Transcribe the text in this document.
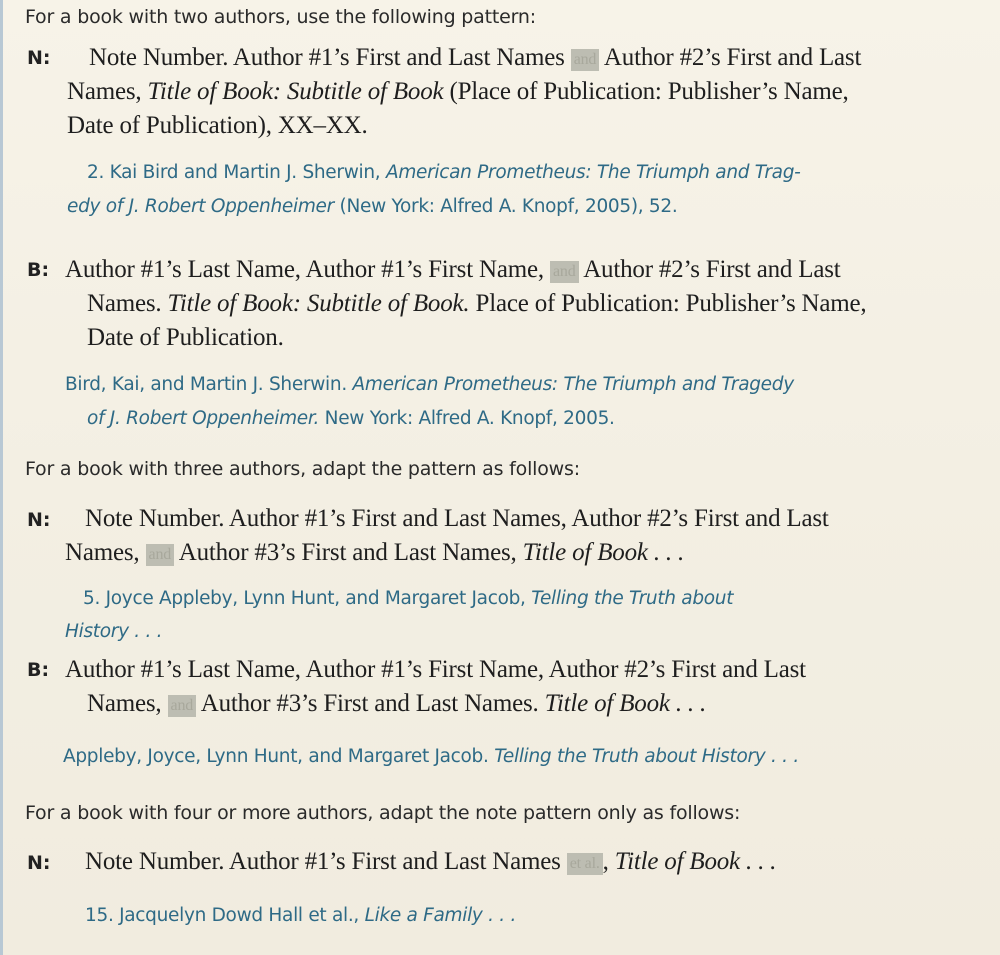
For a book with two authors, use the following pattern:
N: Note Number. Author #1’s First and Last Names and Author #2’s First and Last
Names, Title of Book: Subtitle of Book (Place of Publication: Publisher’s Name,
Date of Publication), XX–XX.
2. Kai Bird and Martin J. Sherwin, American Prometheus: The Triumph and Trag-
edy of J. Robert Oppenheimer (New York: Alfred A. Knopf, 2005), 52.
B: Author #1’s Last Name, Author #1’s First Name, and Author #2’s First and Last
Names. Title of Book: Subtitle of Book. Place of Publication: Publisher’s Name,
Date of Publication.
Bird, Kai, and Martin J. Sherwin. American Prometheus: The Triumph and Tragedy
of J. Robert Oppenheimer. New York: Alfred A. Knopf, 2005.
For a book with three authors, adapt the pattern as follows:
N: Note Number. Author #1’s First and Last Names, Author #2’s First and Last
Names, and Author #3’s First and Last Names, Title of Book . . .
5. Joyce Appleby, Lynn Hunt, and Margaret Jacob, Telling the Truth about
History . . .
B: Author #1’s Last Name, Author #1’s First Name, Author #2’s First and Last
Names, and Author #3’s First and Last Names. Title of Book . . .
Appleby, Joyce, Lynn Hunt, and Margaret Jacob. Telling the Truth about History . . .
For a book with four or more authors, adapt the note pattern only as follows:
N: Note Number. Author #1’s First and Last Names et al. , Title of Book . . .
15. Jacquelyn Dowd Hall et al., Like a Family . . .
